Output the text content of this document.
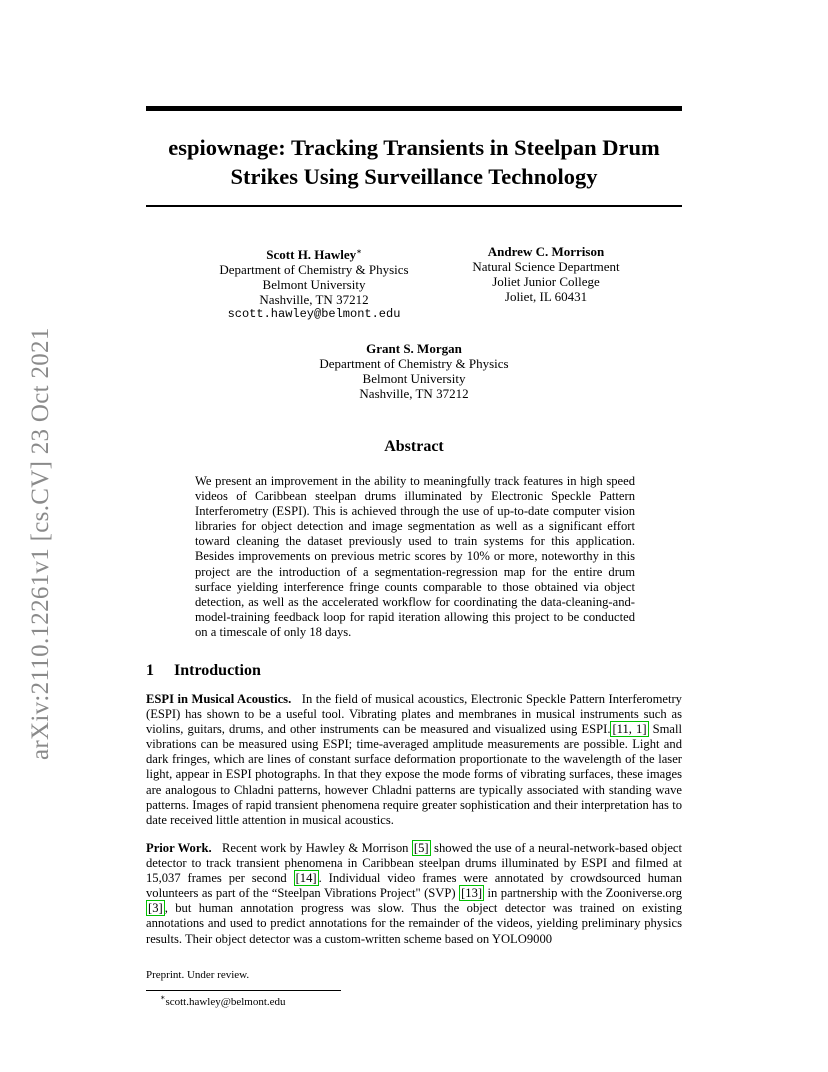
arXiv:2110.12261v1 [cs.CV] 23 Oct 2021
espiownage: Tracking Transients in Steelpan Drum
Strikes Using Surveillance Technology
Scott H. Hawley∗
Department of Chemistry & Physics
Belmont University
Nashville, TN 37212
scott.hawley@belmont.edu
Andrew C. Morrison
Natural Science Department
Joliet Junior College
Joliet, IL 60431
Grant S. Morgan
Department of Chemistry & Physics
Belmont University
Nashville, TN 37212
Abstract
We present an improvement in the ability to meaningfully track features in high speed videos of Caribbean steelpan drums illuminated by Electronic Speckle Pattern Interferometry (ESPI). This is achieved through the use of up-to-date computer vision libraries for object detection and image segmentation as well as a significant effort toward cleaning the dataset previously used to train systems for this application. Besides improvements on previous metric scores by 10% or more, noteworthy in this project are the introduction of a segmentation-regression map for the entire drum surface yielding interference fringe counts comparable to those obtained via object detection, as well as the accelerated workflow for coordinating the data-cleaning-and-model-training feedback loop for rapid iteration allowing this project to be conducted on a timescale of only 18 days.
1 Introduction
ESPI in Musical Acoustics. In the field of musical acoustics, Electronic Speckle Pattern Interferometry (ESPI) has shown to be a useful tool. Vibrating plates and membranes in musical instruments such as violins, guitars, drums, and other instruments can be measured and visualized using ESPI. [11, 1] Small vibrations can be measured using ESPI; time-averaged amplitude measurements are possible. Light and dark fringes, which are lines of constant surface deformation proportionate to the wavelength of the laser light, appear in ESPI photographs. In that they expose the mode forms of vibrating surfaces, these images are analogous to Chladni patterns, however Chladni patterns are typically associated with standing wave patterns. Images of rapid transient phenomena require greater sophistication and their interpretation has to date received little attention in musical acoustics.
Prior Work. Recent work by Hawley & Morrison [5] showed the use of a neural-network-based object detector to track transient phenomena in Caribbean steelpan drums illuminated by ESPI and filmed at 15,037 frames per second [14] . Individual video frames were annotated by crowdsourced human volunteers as part of the “Steelpan Vibrations Project" (SVP) [13] in partnership with the Zooniverse.org [3] , but human annotation progress was slow. Thus the object detector was trained on existing annotations and used to predict annotations for the remainder of the videos, yielding preliminary physics results. Their object detector was a custom-written scheme based on YOLO9000
Preprint. Under review.
∗scott.hawley@belmont.edu
